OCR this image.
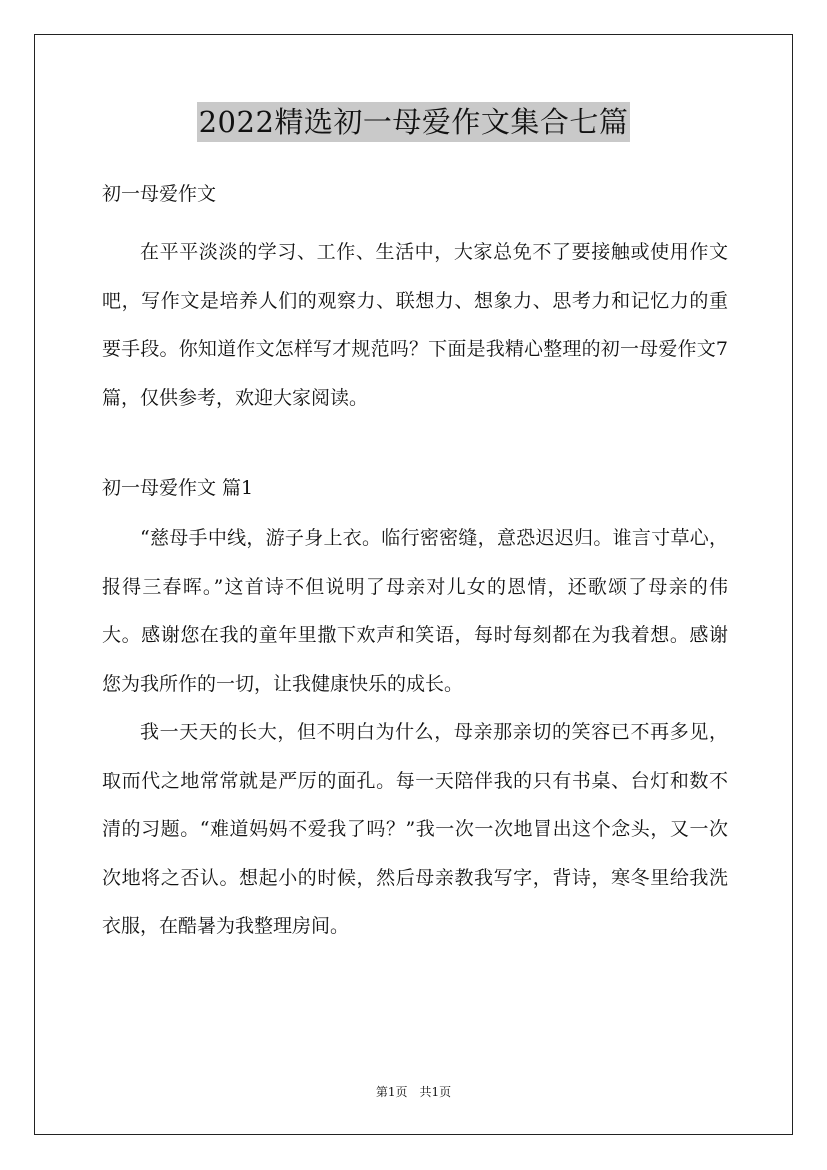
2022精选初一母爱作文集合七篇

初一母爱作文

在平平淡淡的学习、工作、生活中，大家总免不了要接触或使用作文吧，写作文是培养人们的观察力、联想力、想象力、思考力和记忆力的重要手段。你知道作文怎样写才规范吗？下面是我精心整理的初一母爱作文7篇，仅供参考，欢迎大家阅读。

初一母爱作文 篇1

“慈母手中线，游子身上衣。临行密密缝，意恐迟迟归。谁言寸草心，报得三春晖。”这首诗不但说明了母亲对儿女的恩情，还歌颂了母亲的伟大。感谢您在我的童年里撒下欢声和笑语，每时每刻都在为我着想。感谢您为我所作的一切，让我健康快乐的成长。

我一天天的长大，但不明白为什么，母亲那亲切的笑容已不再多见，取而代之地常常就是严厉的面孔。每一天陪伴我的只有书桌、台灯和数不清的习题。“难道妈妈不爱我了吗？”我一次一次地冒出这个念头，又一次次地将之否认。想起小的时候，然后母亲教我写字，背诗，寒冬里给我洗衣服，在酷暑为我整理房间。

第1页　共1页
